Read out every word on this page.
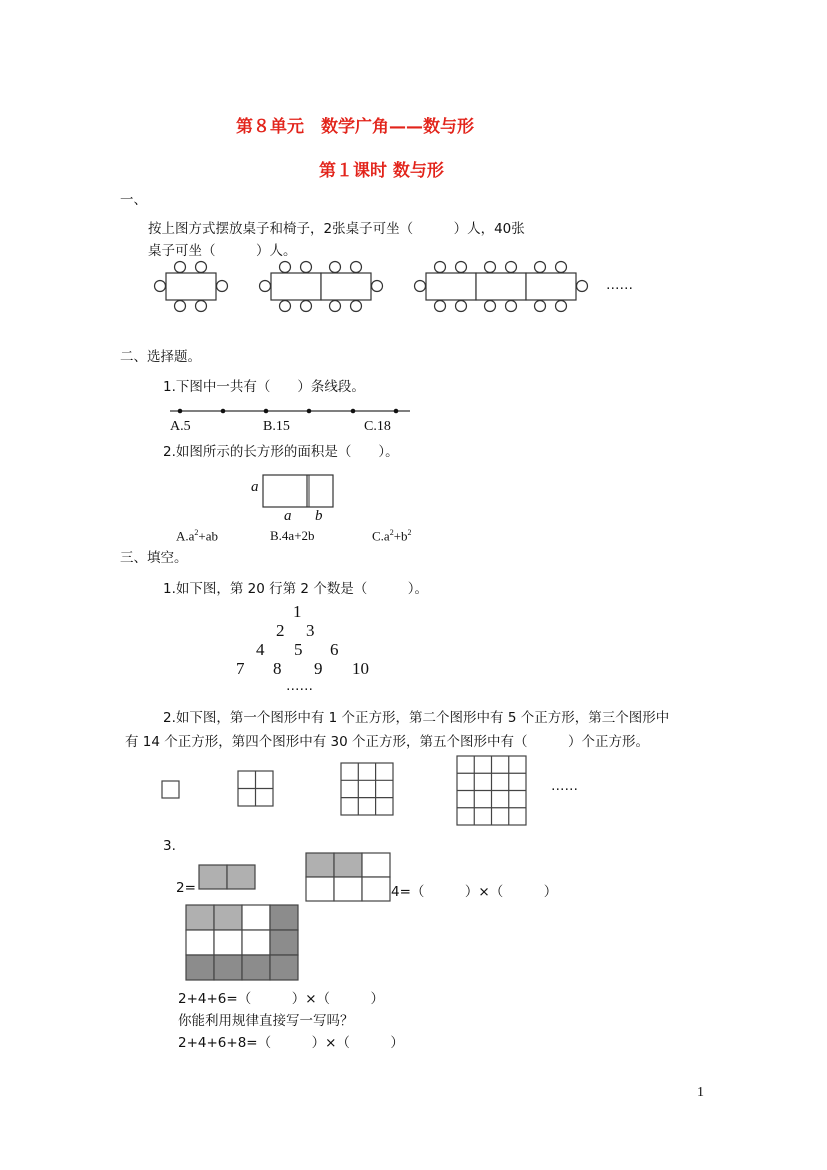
第８单元　数学广角——数与形
第１课时 数与形
一、
按上图方式摆放桌子和椅子，2张桌子可坐（　　　）人，40张
桌子可坐（　　　）人。
……
二、选择题。
1.下图中一共有（　　）条线段。
A.5	B.15	C.18
2.如图所示的长方形的面积是（　　）。
a
a b
$A.a^2+ab$	B.4a+2b	$C.a^2+b^2$
三、填空。
1.如下图，第 20 行第 2 个数是（　　　）。
1
2 3
4 5 6
7 8 9 10
……
2.如下图，第一个图形中有 1 个正方形，第二个图形中有 5 个正方形，第三个图形中
有 14 个正方形，第四个图形中有 30 个正方形，第五个图形中有（　　　）个正方形。
……
3.
2=	4=（　　　）×（　　　）
2+4+6=（　　　）×（　　　）
你能利用规律直接写一写吗？
2+4+6+8=（　　　）×（　　　）
1
